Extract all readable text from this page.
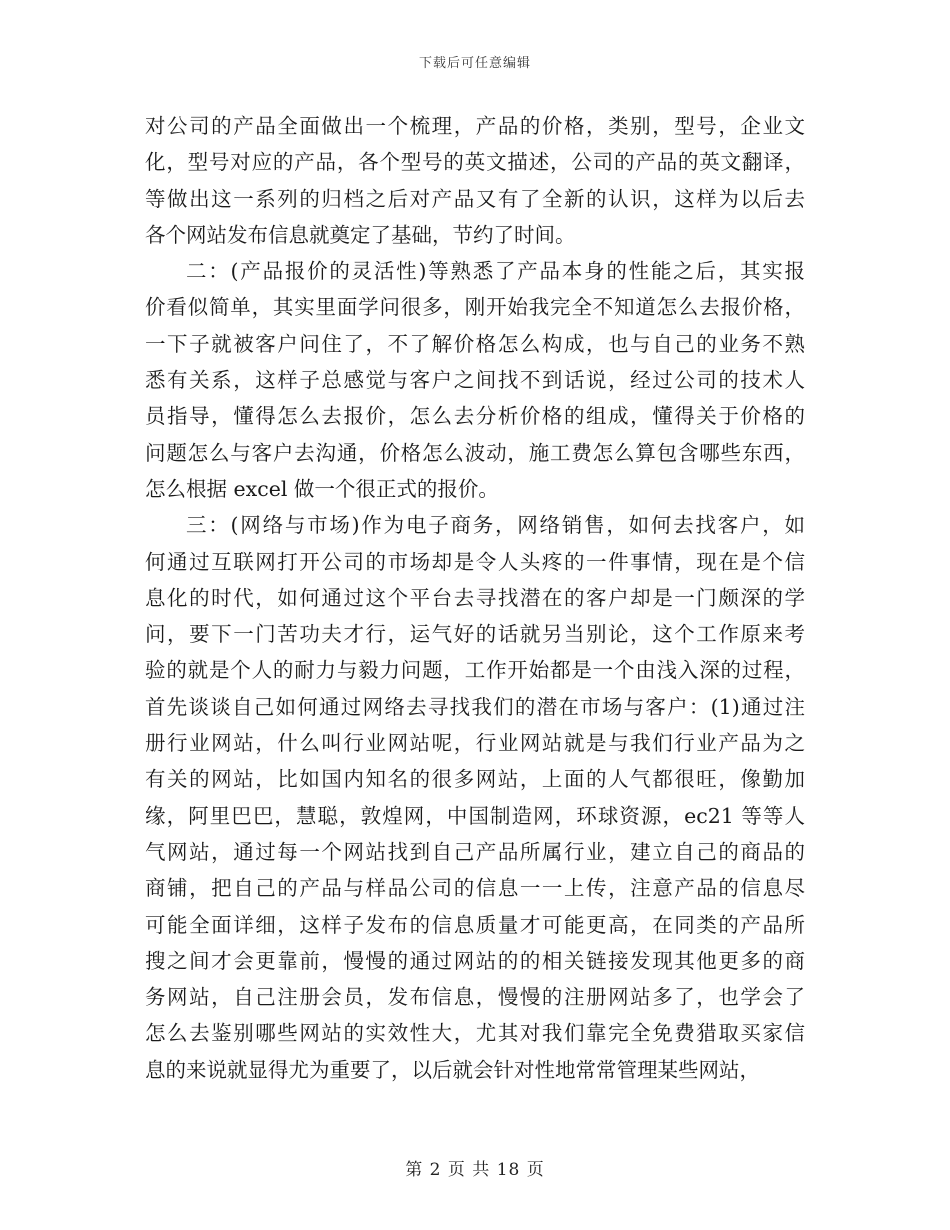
下载后可任意编辑
对公司的产品全面做出一个梳理，产品的价格，类别，型号，企业文
化，型号对应的产品，各个型号的英文描述，公司的产品的英文翻译，
等做出这一系列的归档之后对产品又有了全新的认识，这样为以后去
各个网站发布信息就奠定了基础，节约了时间。
二：(产品报价的灵活性)等熟悉了产品本身的性能之后，其实报
价看似简单，其实里面学问很多，刚开始我完全不知道怎么去报价格，
一下子就被客户问住了，不了解价格怎么构成，也与自己的业务不熟
悉有关系，这样子总感觉与客户之间找不到话说，经过公司的技术人
员指导，懂得怎么去报价，怎么去分析价格的组成，懂得关于价格的
问题怎么与客户去沟通，价格怎么波动，施工费怎么算包含哪些东西，
怎么根据 excel 做一个很正式的报价。
三：(网络与市场)作为电子商务，网络销售，如何去找客户，如
何通过互联网打开公司的市场却是令人头疼的一件事情，现在是个信
息化的时代，如何通过这个平台去寻找潜在的客户却是一门颇深的学
问，要下一门苦功夫才行，运气好的话就另当别论，这个工作原来考
验的就是个人的耐力与毅力问题，工作开始都是一个由浅入深的过程，
首先谈谈自己如何通过网络去寻找我们的潜在市场与客户：(1)通过注
册行业网站，什么叫行业网站呢，行业网站就是与我们行业产品为之
有关的网站，比如国内知名的很多网站，上面的人气都很旺，像勤加
缘，阿里巴巴，慧聪，敦煌网，中国制造网，环球资源，ec21 等等人
气网站，通过每一个网站找到自己产品所属行业，建立自己的商品的
商铺，把自己的产品与样品公司的信息一一上传，注意产品的信息尽
可能全面详细，这样子发布的信息质量才可能更高，在同类的产品所
搜之间才会更靠前，慢慢的通过网站的的相关链接发现其他更多的商
务网站，自己注册会员，发布信息，慢慢的注册网站多了，也学会了
怎么去鉴别哪些网站的实效性大，尤其对我们靠完全免费猎取买家信
息的来说就显得尤为重要了，以后就会针对性地常常管理某些网站，
第 2 页 共 18 页
